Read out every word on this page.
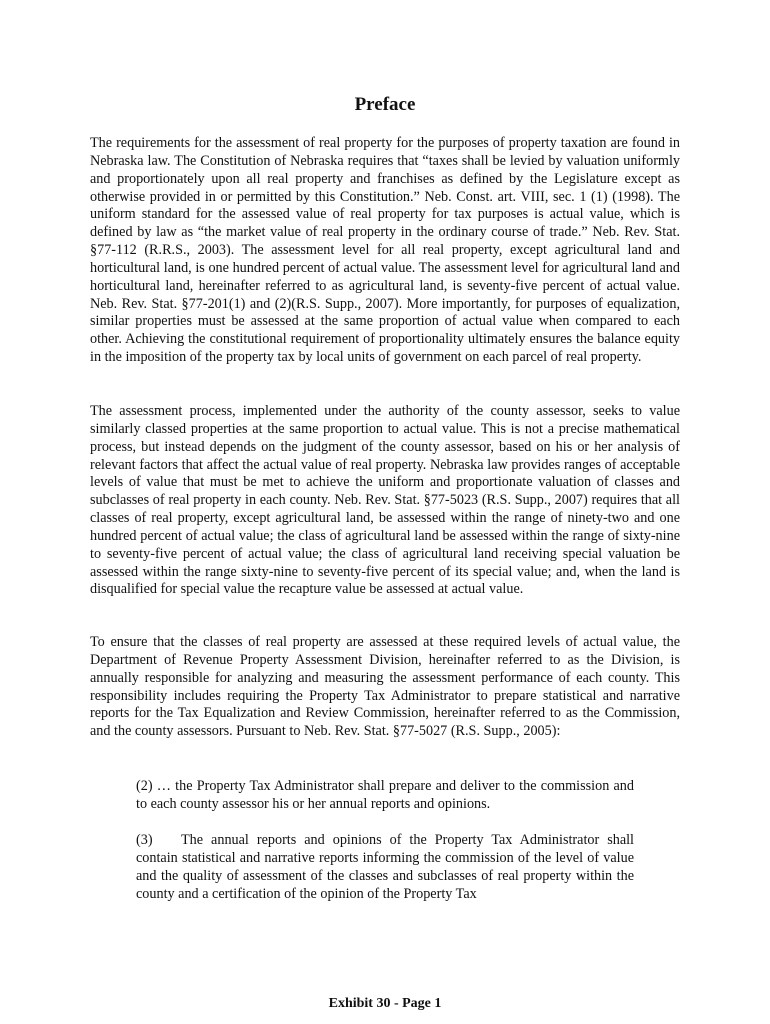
Preface

The requirements for the assessment of real property for the purposes of property taxation are found in Nebraska law. The Constitution of Nebraska requires that “taxes shall be levied by valuation uniformly and proportionately upon all real property and franchises as defined by the Legislature except as otherwise provided in or permitted by this Constitution.” Neb. Const. art. VIII, sec. 1 (1) (1998). The uniform standard for the assessed value of real property for tax purposes is actual value, which is defined by law as “the market value of real property in the ordinary course of trade.” Neb. Rev. Stat. §77-112 (R.R.S., 2003). The assessment level for all real property, except agricultural land and horticultural land, is one hundred percent of actual value. The assessment level for agricultural land and horticultural land, hereinafter referred to as agricultural land, is seventy-five percent of actual value. Neb. Rev. Stat. §77-201(1) and (2)(R.S. Supp., 2007). More importantly, for purposes of equalization, similar properties must be assessed at the same proportion of actual value when compared to each other. Achieving the constitutional requirement of proportionality ultimately ensures the balance equity in the imposition of the property tax by local units of government on each parcel of real property.

The assessment process, implemented under the authority of the county assessor, seeks to value similarly classed properties at the same proportion to actual value. This is not a precise mathematical process, but instead depends on the judgment of the county assessor, based on his or her analysis of relevant factors that affect the actual value of real property. Nebraska law provides ranges of acceptable levels of value that must be met to achieve the uniform and proportionate valuation of classes and subclasses of real property in each county. Neb. Rev. Stat. §77-5023 (R.S. Supp., 2007) requires that all classes of real property, except agricultural land, be assessed within the range of ninety-two and one hundred percent of actual value; the class of agricultural land be assessed within the range of sixty-nine to seventy-five percent of actual value; the class of agricultural land receiving special valuation be assessed within the range sixty-nine to seventy-five percent of its special value; and, when the land is disqualified for special value the recapture value be assessed at actual value.

To ensure that the classes of real property are assessed at these required levels of actual value, the Department of Revenue Property Assessment Division, hereinafter referred to as the Division, is annually responsible for analyzing and measuring the assessment performance of each county. This responsibility includes requiring the Property Tax Administrator to prepare statistical and narrative reports for the Tax Equalization and Review Commission, hereinafter referred to as the Commission, and the county assessors. Pursuant to Neb. Rev. Stat. §77-5027 (R.S. Supp., 2005):

(2) … the Property Tax Administrator shall prepare and deliver to the commission and to each county assessor his or her annual reports and opinions.

(3) The annual reports and opinions of the Property Tax Administrator shall contain statistical and narrative reports informing the commission of the level of value and the quality of assessment of the classes and subclasses of real property within the county and a certification of the opinion of the Property Tax

Exhibit 30 - Page 1
